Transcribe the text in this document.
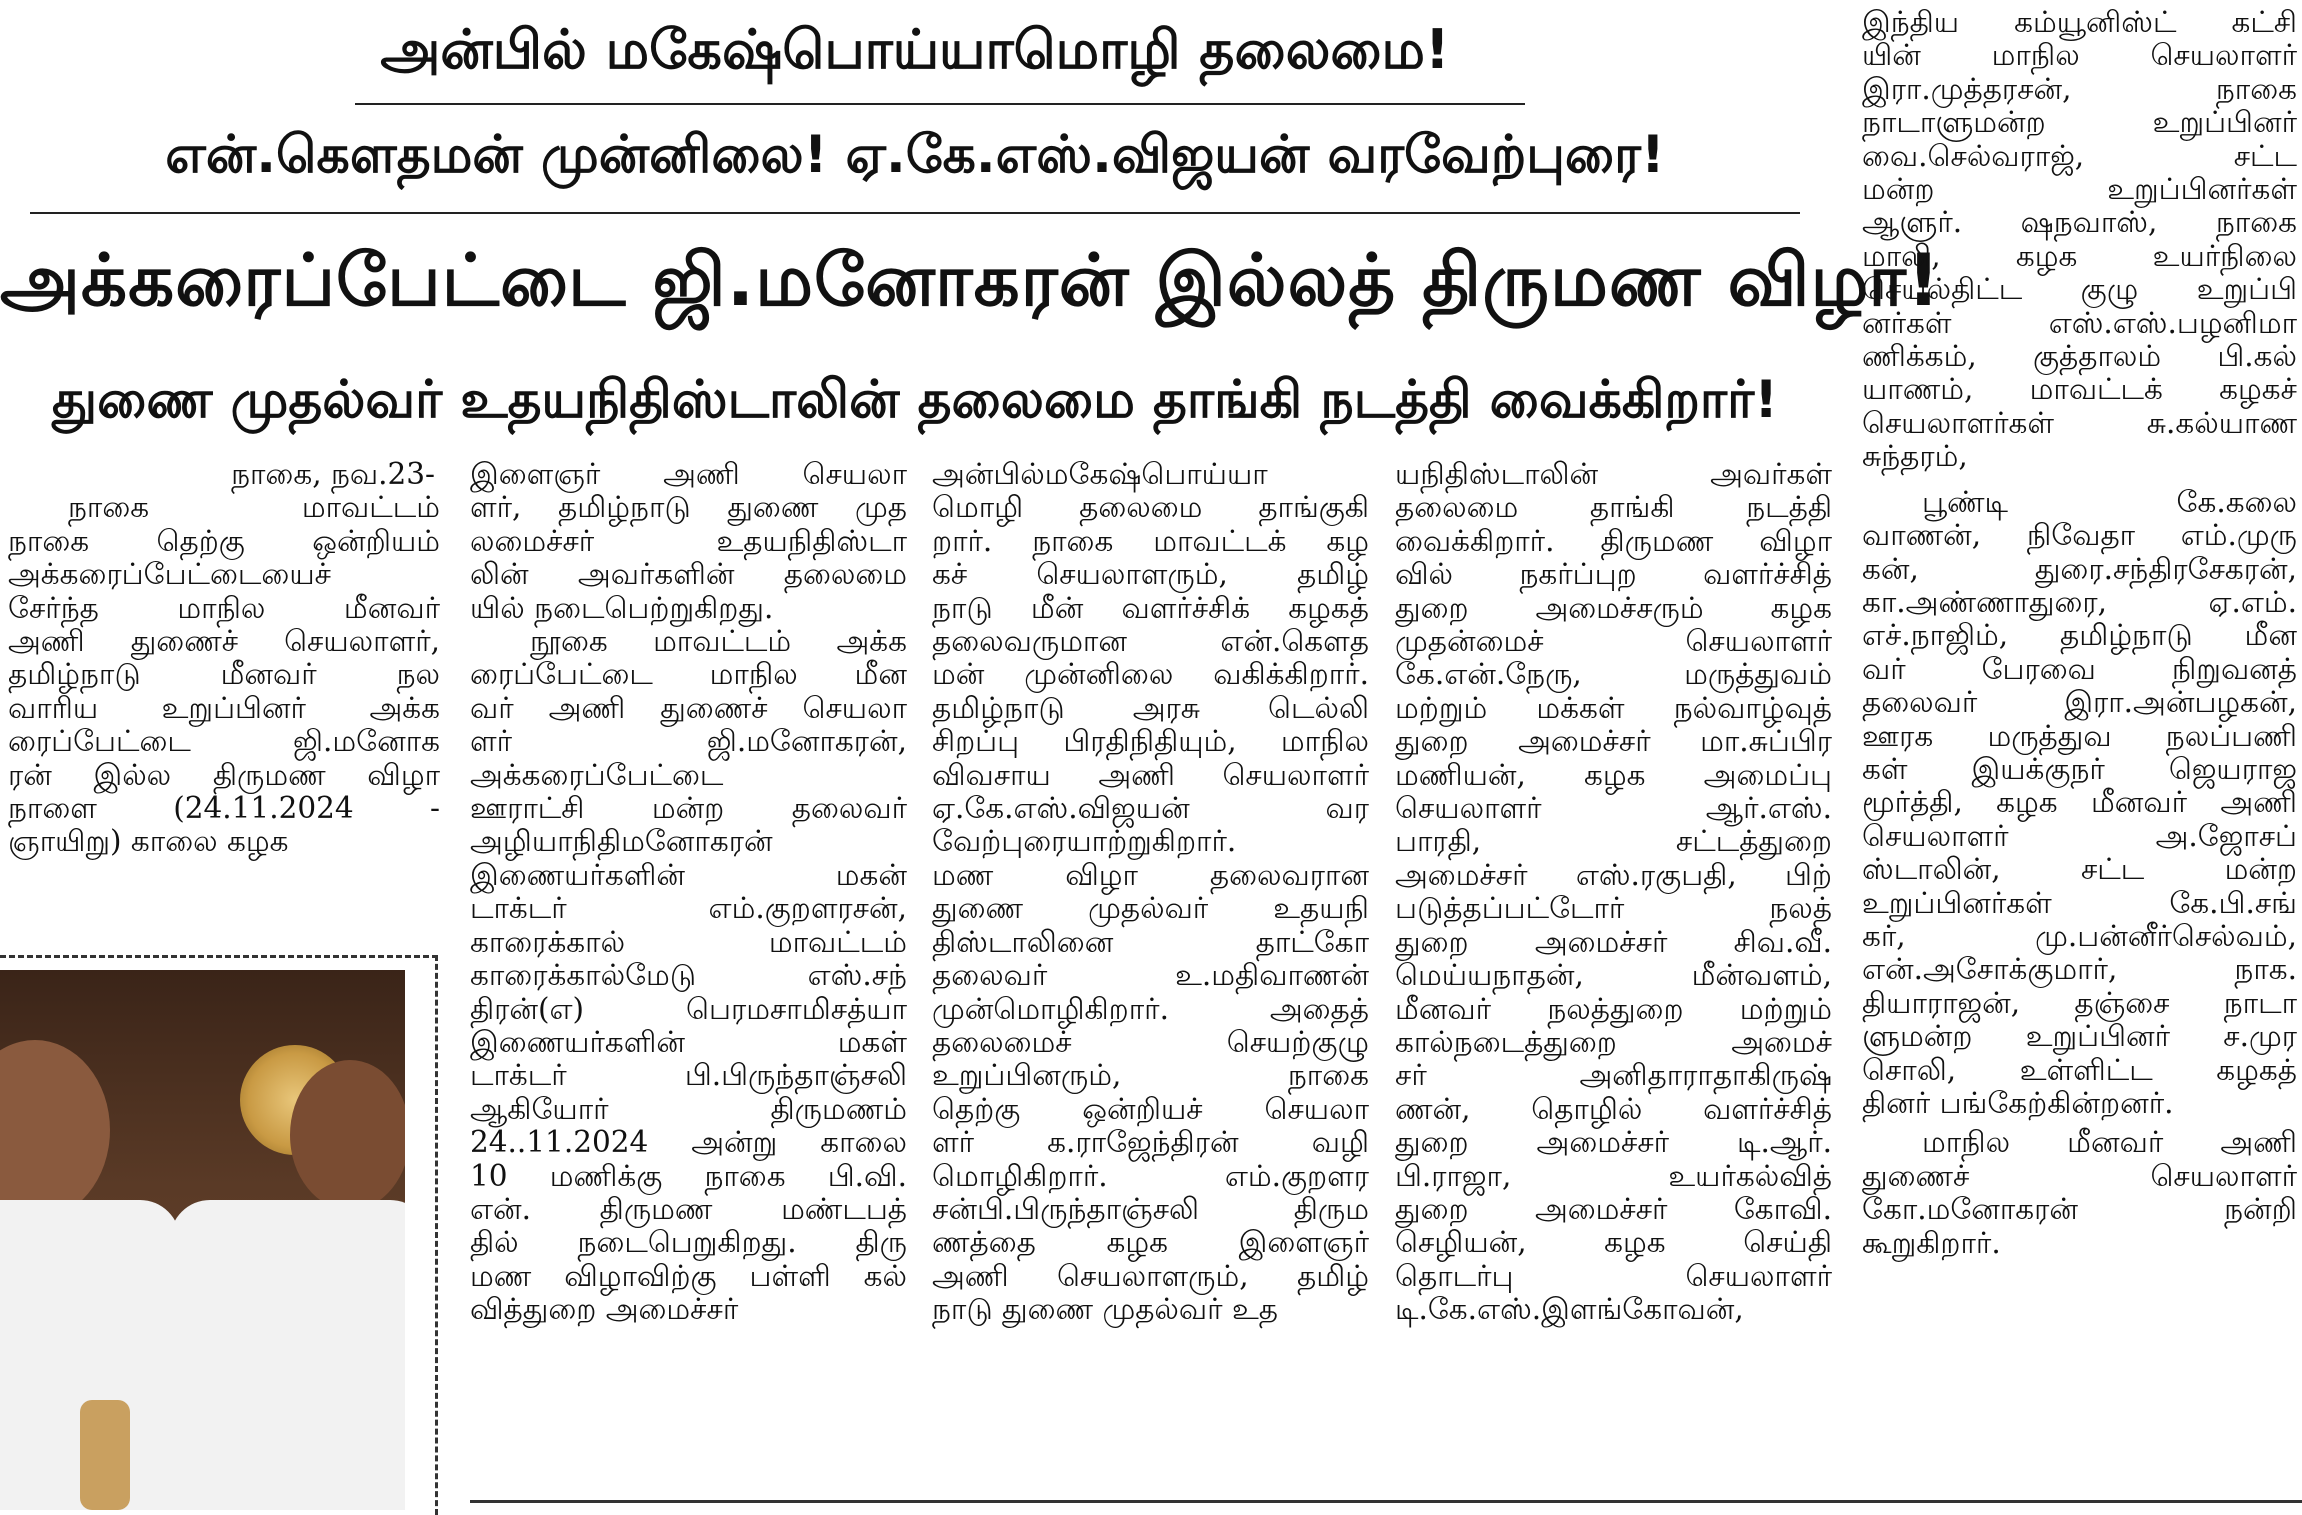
அன்பில் மகேஷ்பொய்யாமொழி தலைமை!
என்.கௌதமன் முன்னிலை! ஏ.கே.எஸ்.விஜயன் வரவேற்புரை!
அக்கரைப்பேட்டை ஜி.மனோகரன் இல்லத் திருமண விழா!
துணை முதல்வர் உதயநிதிஸ்டாலின் தலைமை தாங்கி நடத்தி வைக்கிறார்!

நாகை, நவ.23-

நாகை மாவட்டம்

நாகை தெற்கு ஒன்றியம்

அக்கரைப்பேட்டையைச்

சேர்ந்த மாநில மீனவர்

அணி துணைச் செயலாளர்,

தமிழ்நாடு மீனவர் நல

வாரிய உறுப்பினர் அக்க

ரைப்பேட்டை ஜி.மனோக

ரன் இல்ல திருமண விழா

நாளை (24.11.2024 -

ஞாயிறு) காலை கழக

இளைஞர் அணி செயலா

ளர், தமிழ்நாடு துணை முத

லமைச்சர் உதயநிதிஸ்டா

லின் அவர்களின் தலைமை

யில் நடைபெற்றுகிறது.

நூகை மாவட்டம் அக்க

ரைப்பேட்டை மாநில மீன

வர் அணி துணைச் செயலா

ளர் ஜி.மனோகரன்,

அக்கரைப்பேட்டை

ஊராட்சி மன்ற தலைவர்

அழியாநிதிமனோகரன்

இணையர்களின் மகன்

டாக்டர் எம்.குறளரசன்,

காரைக்கால் மாவட்டம்

காரைக்கால்மேடு எஸ்.சந்

திரன்(எ) பெரமசாமிசத்யா

இணையர்களின் மகள்

டாக்டர் பி.பிருந்தாஞ்சலி

ஆகியோர் திருமணம்

24..11.2024 அன்று காலை

10 மணிக்கு நாகை பி.வி.

என். திருமண மண்டபத்

தில் நடைபெறுகிறது. திரு

மண விழாவிற்கு பள்ளி கல்

வித்துறை அமைச்சர்

அன்பில்மகேஷ்பொய்யா

மொழி தலைமை தாங்குகி

றார். நாகை மாவட்டக் கழ

கச் செயலாளரும், தமிழ்

நாடு மீன் வளர்ச்சிக் கழகத்

தலைவருமான என்.கௌத

மன் முன்னிலை வகிக்கிறார்.

தமிழ்நாடு அரசு டெல்லி

சிறப்பு பிரதிநிதியும், மாநில

விவசாய அணி செயலாளர்

ஏ.கே.எஸ்.விஜயன் வர

வேற்புரையாற்றுகிறார்.

மண விழா தலைவரான

துணை முதல்வர் உதயநி

திஸ்டாலினை தாட்கோ

தலைவர் உ.மதிவாணன்

முன்மொழிகிறார். அதைத்

தலைமைச் செயற்குழு

உறுப்பினரும், நாகை

தெற்கு ஒன்றியச் செயலா

ளர் க.ராஜேந்திரன் வழி

மொழிகிறார். எம்.குறளர

சன்பி.பிருந்தாஞ்சலி திரும

ணத்தை கழக இளைஞர்

அணி செயலாளரும், தமிழ்

நாடு துணை முதல்வர் உத

யநிதிஸ்டாலின் அவர்கள்

தலைமை தாங்கி நடத்தி

வைக்கிறார். திருமண விழா

வில் நகர்ப்புற வளர்ச்சித்

துறை அமைச்சரும் கழக

முதன்மைச் செயலாளர்

கே.என்.நேரு, மருத்துவம்

மற்றும் மக்கள் நல்வாழ்வுத்

துறை அமைச்சர் மா.சுப்பிர

மணியன், கழக அமைப்பு

செயலாளர் ஆர்.எஸ்.

பாரதி, சட்டத்துறை

அமைச்சர் எஸ்.ரகுபதி, பிற்

படுத்தப்பட்டோர் நலத்

துறை அமைச்சர் சிவ.வீ.

மெய்யநாதன், மீன்வளம்,

மீனவர் நலத்துறை மற்றும்

கால்நடைத்துறை அமைச்

சர் அனிதாராதாகிருஷ்

ணன், தொழில் வளர்ச்சித்

துறை அமைச்சர் டி.ஆர்.

பி.ராஜா, உயர்கல்வித்

துறை அமைச்சர் கோவி.

செழியன், கழக செய்தி

தொடர்பு செயலாளர்

டி.கே.எஸ்.இளங்கோவன்,

இந்திய கம்யூனிஸ்ட் கட்சி

யின் மாநில செயலாளர்

இரா.முத்தரசன், நாகை

நாடாளுமன்ற உறுப்பினர்

வை.செல்வராஜ், சட்ட

மன்ற உறுப்பினர்கள்

ஆளுர். ஷநவாஸ், நாகை

மாலி, கழக உயர்நிலை

செயல்திட்ட குழு உறுப்பி

னர்கள் எஸ்.எஸ்.பழனிமா

ணிக்கம், குத்தாலம் பி.கல்

யாணம், மாவட்டக் கழகச்

செயலாளர்கள் சு.கல்யாண

சுந்தரம்,

பூண்டி கே.கலை

வாணன், நிவேதா எம்.முரு

கன், துரை.சந்திரசேகரன்,

கா.அண்ணாதுரை, ஏ.எம்.

எச்.நாஜிம், தமிழ்நாடு மீன

வர் பேரவை நிறுவனத்

தலைவர் இரா.அன்பழகன்,

ஊரக மருத்துவ நலப்பணி

கள் இயக்குநர் ஜெயராஜ

மூர்த்தி, கழக மீனவர் அணி

செயலாளர் அ.ஜோசப்

ஸ்டாலின், சட்ட மன்ற

உறுப்பினர்கள் கே.பி.சங்

கர், மு.பன்னீர்செல்வம்,

என்.அசோக்குமார், நாக.

தியாராஜன், தஞ்சை நாடா

ளுமன்ற உறுப்பினர் ச.முர

சொலி, உள்ளிட்ட கழகத்

தினர் பங்கேற்கின்றனர்.

மாநில மீனவர் அணி

துணைச் செயலாளர்

கோ.மனோகரன் நன்றி

கூறுகிறார்.
